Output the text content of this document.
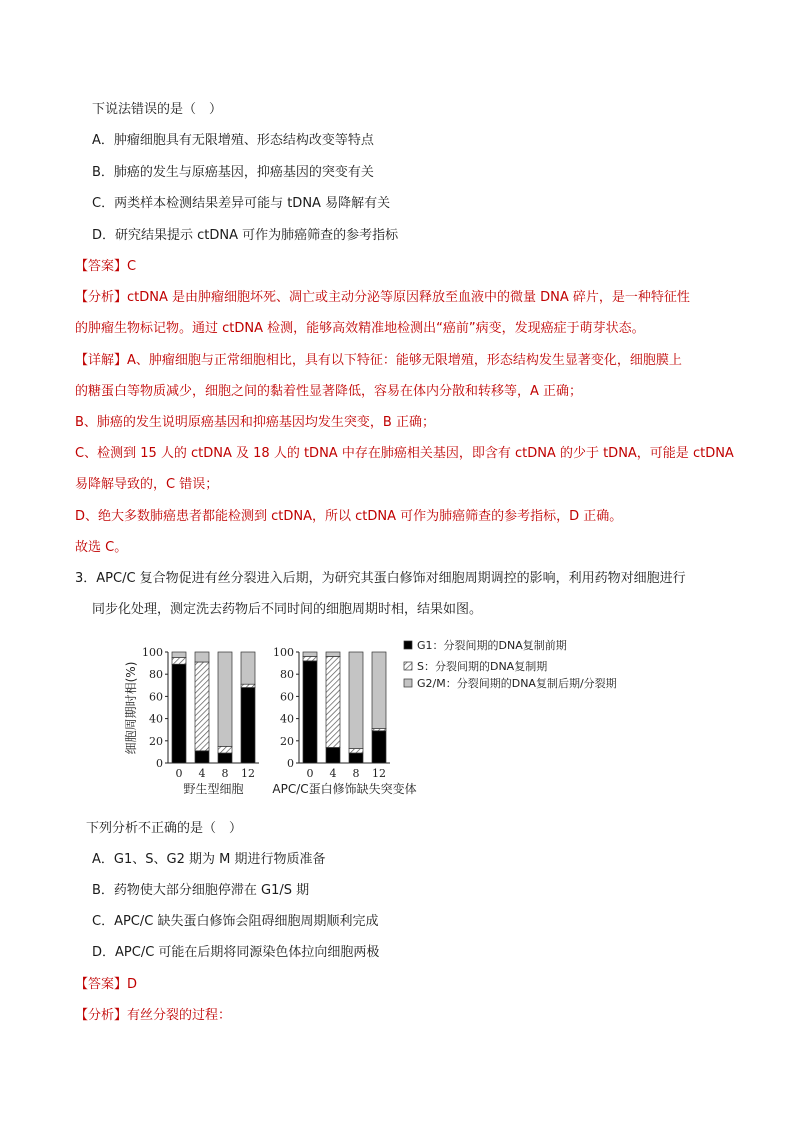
下说法错误的是（　）
A．肿瘤细胞具有无限增殖、形态结构改变等特点
B．肺癌的发生与原癌基因，抑癌基因的突变有关
C．两类样本检测结果差异可能与 tDNA 易降解有关
D．研究结果提示 ctDNA 可作为肺癌筛查的参考指标
【答案】C
【分析】ctDNA 是由肿瘤细胞坏死、凋亡或主动分泌等原因释放至血液中的微量 DNA 碎片，是一种特征性
的肿瘤生物标记物。通过 ctDNA 检测，能够高效精准地检测出“癌前”病变，发现癌症于萌芽状态。
【详解】A、肿瘤细胞与正常细胞相比，具有以下特征：能够无限增殖，形态结构发生显著变化，细胞膜上
的糖蛋白等物质减少，细胞之间的黏着性显著降低，容易在体内分散和转移等，A 正确；
B、肺癌的发生说明原癌基因和抑癌基因均发生突变，B 正确；
C、检测到 15 人的 ctDNA 及 18 人的 tDNA 中存在肺癌相关基因，即含有 ctDNA 的少于 tDNA，可能是 ctDNA
易降解导致的，C 错误；
D、绝大多数肺癌患者都能检测到 ctDNA，所以 ctDNA 可作为肺癌筛查的参考指标，D 正确。
故选 C。
3．APC/C 复合物促进有丝分裂进入后期，为研究其蛋白修饰对细胞周期调控的影响，利用药物对细胞进行
同步化处理，测定洗去药物后不同时间的细胞周期时相，结果如图。
细胞周期时相(%)
0
20
40
60
80
100
0 4 8 12
野生型细胞
0
20
40
60
80
100
0 4 8 12
APC/C蛋白修饰缺失突变体
G1：分裂间期的DNA复制前期
S：分裂间期的DNA复制期
G2/M：分裂间期的DNA复制后期/分裂期
下列分析不正确的是（　）
A．G1、S、G2 期为 M 期进行物质准备
B．药物使大部分细胞停滞在 G1/S 期
C．APC/C 缺失蛋白修饰会阻碍细胞周期顺利完成
D．APC/C 可能在后期将同源染色体拉向细胞两极
【答案】D
【分析】有丝分裂的过程：
